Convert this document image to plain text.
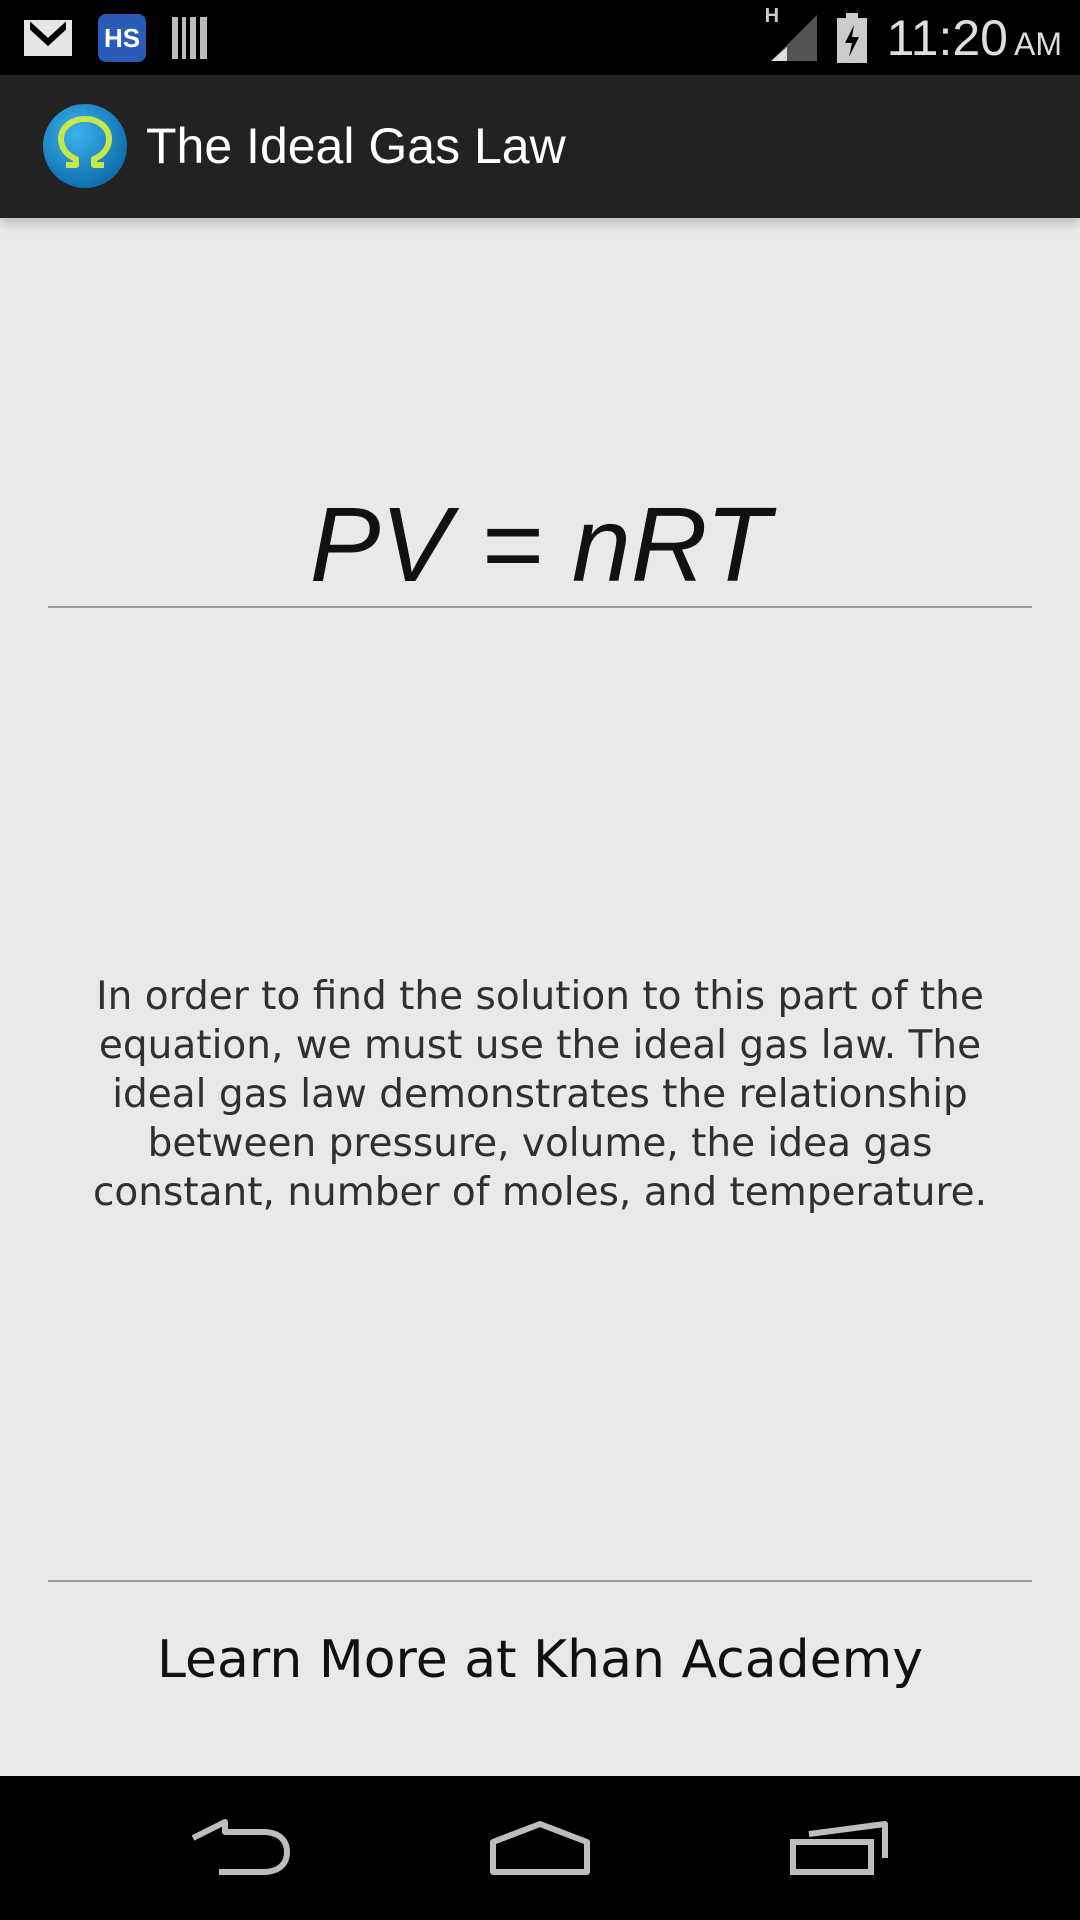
HS
H 11:20 AM
The Ideal Gas Law
PV = nRT
In order to find the solution to this part of the equation, we must use the ideal gas law. The ideal gas law demonstrates the relationship between pressure, volume, the idea gas constant, number of moles, and temperature.
Learn More at Khan Academy
